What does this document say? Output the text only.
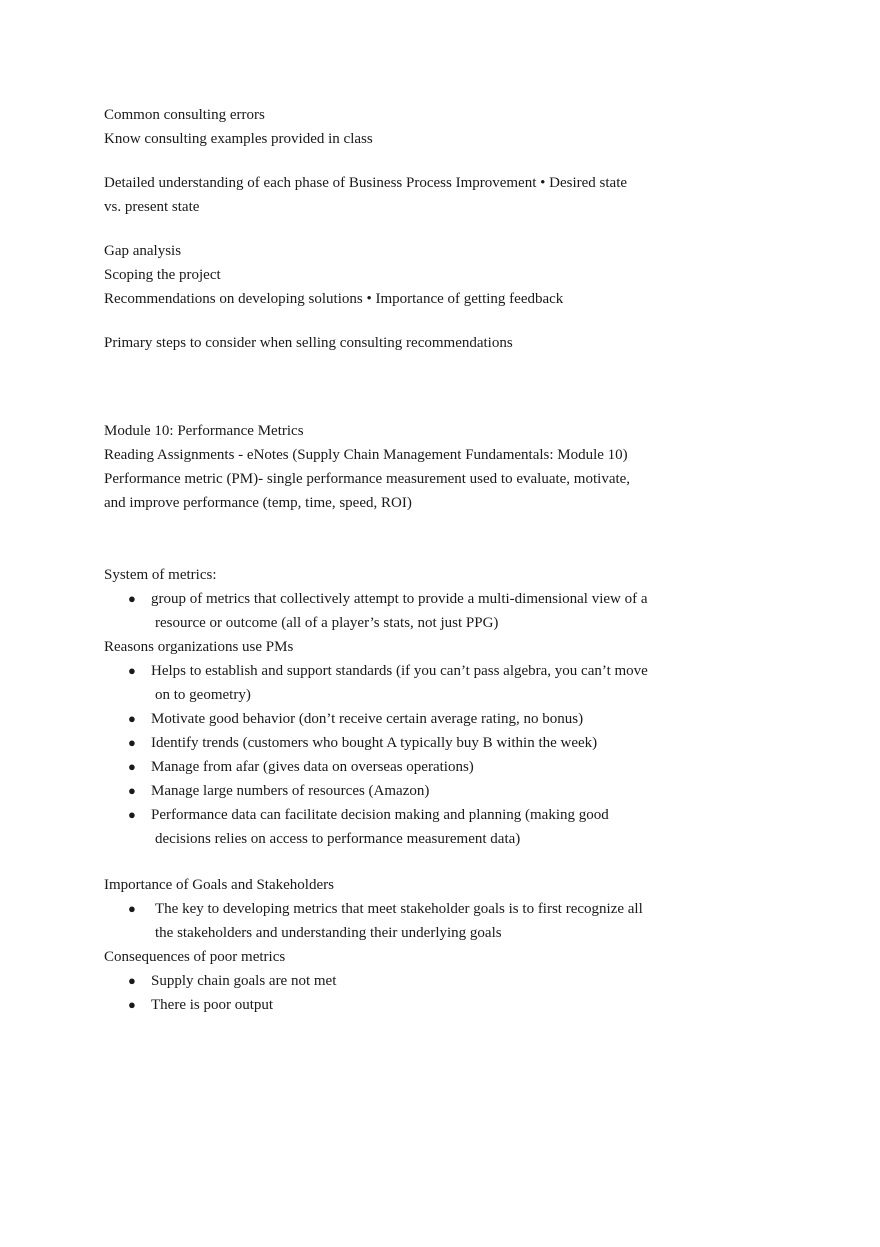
Common consulting errors

Know consulting examples provided in class

Detailed understanding of each phase of Business Process Improvement • Desired state

vs. present state

Gap analysis

Scoping the project

Recommendations on developing solutions • Importance of getting feedback

Primary steps to consider when selling consulting recommendations

Module 10: Performance Metrics

Reading Assignments - eNotes (Supply Chain Management Fundamentals: Module 10)

Performance metric (PM)- single performance measurement used to evaluate, motivate,

and improve performance (temp, time, speed, ROI)

System of metrics:

● group of metrics that collectively attempt to provide a multi-dimensional view of a
resource or outcome (all of a player’s stats, not just PPG)

Reasons organizations use PMs

● Helps to establish and support standards (if you can’t pass algebra, you can’t move
on to geometry)
● Motivate good behavior (don’t receive certain average rating, no bonus)
● Identify trends (customers who bought A typically buy B within the week)
● Manage from afar (gives data on overseas operations)
● Manage large numbers of resources (Amazon)
● Performance data can facilitate decision making and planning (making good
decisions relies on access to performance measurement data)

Importance of Goals and Stakeholders

● The key to developing metrics that meet stakeholder goals is to first recognize all
the stakeholders and understanding their underlying goals

Consequences of poor metrics

● Supply chain goals are not met
● There is poor output
